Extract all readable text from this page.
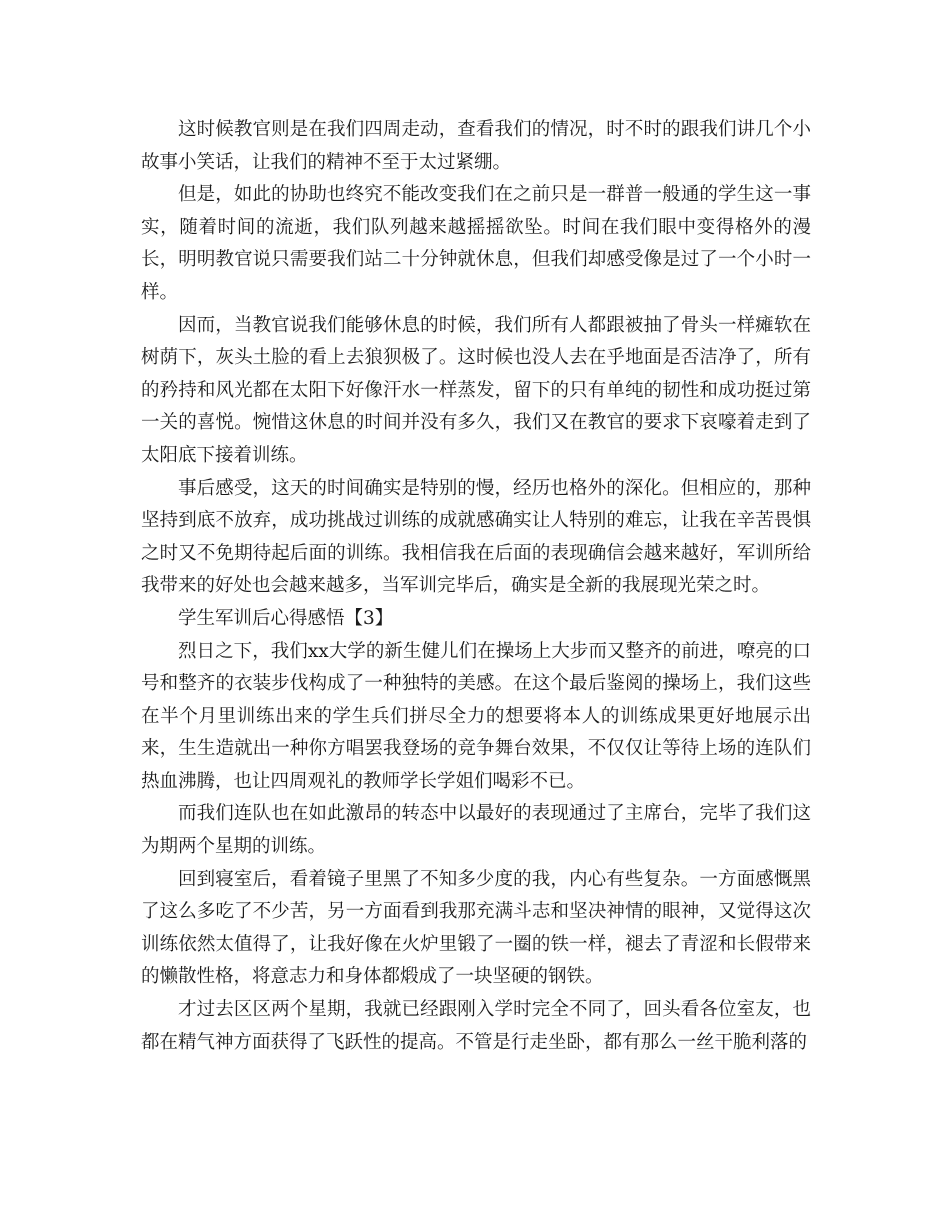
这时候教官则是在我们四周走动，查看我们的情况，时不时的跟我们讲几个小故事小笑话，让我们的精神不至于太过紧绷。

但是，如此的协助也终究不能改变我们在之前只是一群普一般通的学生这一事实，随着时间的流逝，我们队列越来越摇摇欲坠。时间在我们眼中变得格外的漫长，明明教官说只需要我们站二十分钟就休息，但我们却感受像是过了一个小时一样。

因而，当教官说我们能够休息的时候，我们所有人都跟被抽了骨头一样瘫软在树荫下，灰头土脸的看上去狼狈极了。这时候也没人去在乎地面是否洁净了，所有的矜持和风光都在太阳下好像汗水一样蒸发，留下的只有单纯的韧性和成功挺过第一关的喜悦。惋惜这休息的时间并没有多久，我们又在教官的要求下哀嚎着走到了太阳底下接着训练。

事后感受，这天的时间确实是特别的慢，经历也格外的深化。但相应的，那种坚持到底不放弃，成功挑战过训练的成就感确实让人特别的难忘，让我在辛苦畏惧之时又不免期待起后面的训练。我相信我在后面的表现确信会越来越好，军训所给我带来的好处也会越来越多，当军训完毕后，确实是全新的我展现光荣之时。

学生军训后心得感悟【3】

烈日之下，我们xx大学的新生健儿们在操场上大步而又整齐的前进，嘹亮的口号和整齐的衣装步伐构成了一种独特的美感。在这个最后鉴阅的操场上，我们这些在半个月里训练出来的学生兵们拼尽全力的想要将本人的训练成果更好地展示出来，生生造就出一种你方唱罢我登场的竞争舞台效果，不仅仅让等待上场的连队们热血沸腾，也让四周观礼的教师学长学姐们喝彩不已。

而我们连队也在如此激昂的转态中以最好的表现通过了主席台，完毕了我们这为期两个星期的训练。

回到寝室后，看着镜子里黑了不知多少度的我，内心有些复杂。一方面感慨黑了这么多吃了不少苦，另一方面看到我那充满斗志和坚决神情的眼神，又觉得这次训练依然太值得了，让我好像在火炉里锻了一圈的铁一样，褪去了青涩和长假带来的懒散性格，将意志力和身体都煅成了一块坚硬的钢铁。

才过去区区两个星期，我就已经跟刚入学时完全不同了，回头看各位室友，也都在精气神方面获得了飞跃性的提高。不管是行走坐卧，都有那么一丝干脆利落的
